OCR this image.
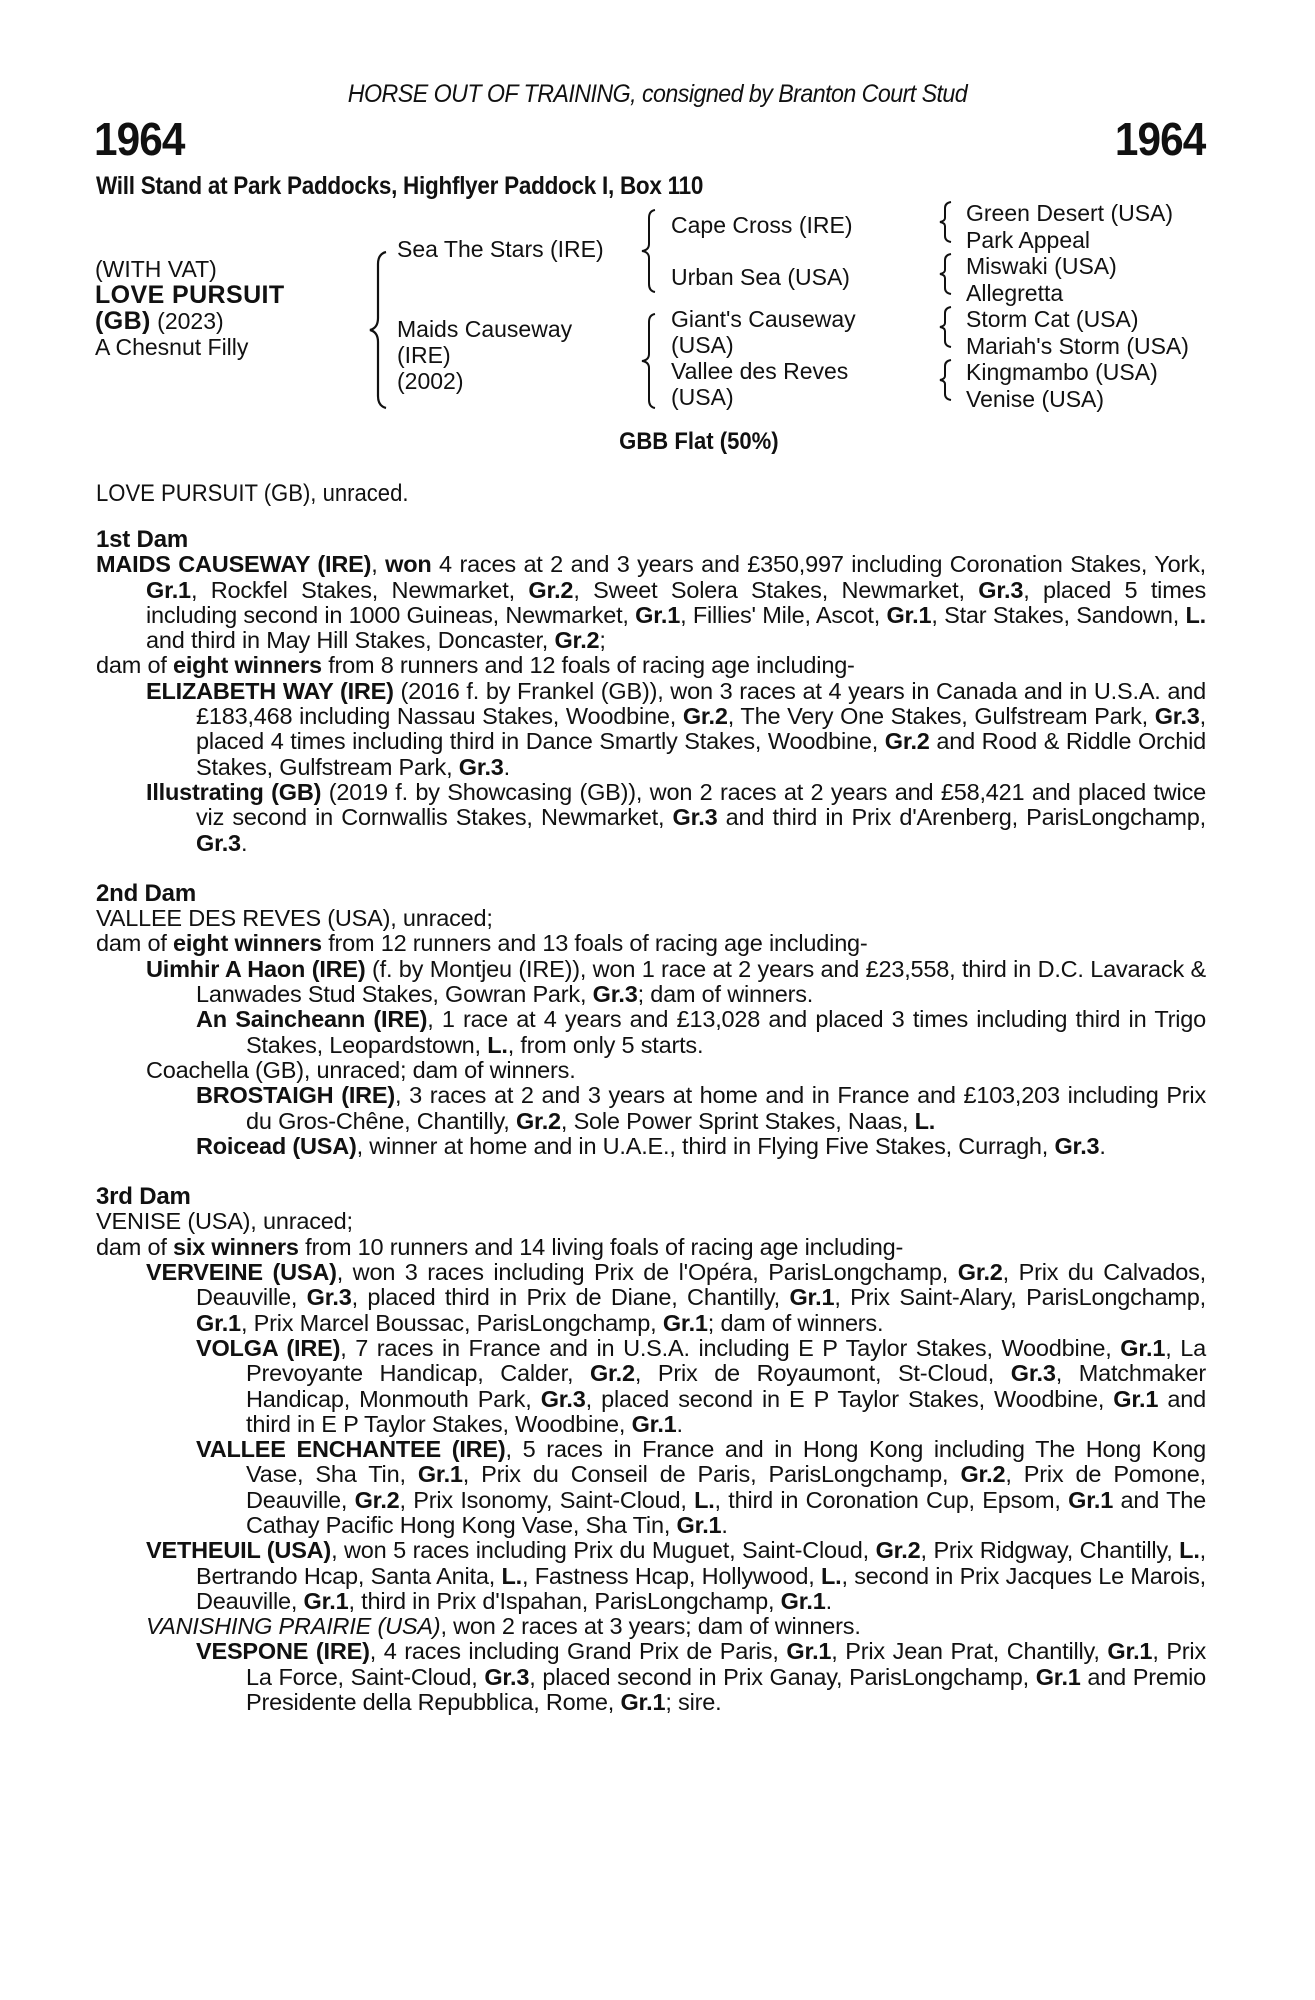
HORSE OUT OF TRAINING, consigned by Branton Court Stud
1964	1964
Will Stand at Park Paddocks, Highflyer Paddock I, Box 110
(WITH VAT)
LOVE PURSUIT
(GB) (2023)
A Chesnut Filly
Sea The Stars (IRE)
Maids Causeway
(IRE)
(2002)
Cape Cross (IRE)
Urban Sea (USA)
Giant's Causeway
(USA)
Vallee des Reves
(USA)
Green Desert (USA)
Park Appeal
Miswaki (USA)
Allegretta
Storm Cat (USA)
Mariah's Storm (USA)
Kingmambo (USA)
Venise (USA)
GBB Flat (50%)
LOVE PURSUIT (GB), unraced.
1st Dam
MAIDS CAUSEWAY (IRE), won 4 races at 2 and 3 years and £350,997 including Coronation Stakes, York, Gr.1, Rockfel Stakes, Newmarket, Gr.2, Sweet Solera Stakes, Newmarket, Gr.3, placed 5 times including second in 1000 Guineas, Newmarket, Gr.1, Fillies' Mile, Ascot, Gr.1, Star Stakes, Sandown, L. and third in May Hill Stakes, Doncaster, Gr.2;
dam of eight winners from 8 runners and 12 foals of racing age including-
ELIZABETH WAY (IRE) (2016 f. by Frankel (GB)), won 3 races at 4 years in Canada and in U.S.A. and £183,468 including Nassau Stakes, Woodbine, Gr.2, The Very One Stakes, Gulfstream Park, Gr.3, placed 4 times including third in Dance Smartly Stakes, Woodbine, Gr.2 and Rood & Riddle Orchid Stakes, Gulfstream Park, Gr.3.
Illustrating (GB) (2019 f. by Showcasing (GB)), won 2 races at 2 years and £58,421 and placed twice viz second in Cornwallis Stakes, Newmarket, Gr.3 and third in Prix d'Arenberg, ParisLongchamp, Gr.3.
2nd Dam
VALLEE DES REVES (USA), unraced;
dam of eight winners from 12 runners and 13 foals of racing age including-
Uimhir A Haon (IRE) (f. by Montjeu (IRE)), won 1 race at 2 years and £23,558, third in D.C. Lavarack & Lanwades Stud Stakes, Gowran Park, Gr.3; dam of winners.
An Saincheann (IRE), 1 race at 4 years and £13,028 and placed 3 times including third in Trigo Stakes, Leopardstown, L., from only 5 starts.
Coachella (GB), unraced; dam of winners.
BROSTAIGH (IRE), 3 races at 2 and 3 years at home and in France and £103,203 including Prix du Gros-Chêne, Chantilly, Gr.2, Sole Power Sprint Stakes, Naas, L.
Roicead (USA), winner at home and in U.A.E., third in Flying Five Stakes, Curragh, Gr.3.
3rd Dam
VENISE (USA), unraced;
dam of six winners from 10 runners and 14 living foals of racing age including-
VERVEINE (USA), won 3 races including Prix de l'Opéra, ParisLongchamp, Gr.2, Prix du Calvados, Deauville, Gr.3, placed third in Prix de Diane, Chantilly, Gr.1, Prix Saint-Alary, ParisLongchamp, Gr.1, Prix Marcel Boussac, ParisLongchamp, Gr.1; dam of winners.
VOLGA (IRE), 7 races in France and in U.S.A. including E P Taylor Stakes, Woodbine, Gr.1, La Prevoyante Handicap, Calder, Gr.2, Prix de Royaumont, St-Cloud, Gr.3, Matchmaker Handicap, Monmouth Park, Gr.3, placed second in E P Taylor Stakes, Woodbine, Gr.1 and third in E P Taylor Stakes, Woodbine, Gr.1.
VALLEE ENCHANTEE (IRE), 5 races in France and in Hong Kong including The Hong Kong Vase, Sha Tin, Gr.1, Prix du Conseil de Paris, ParisLongchamp, Gr.2, Prix de Pomone, Deauville, Gr.2, Prix Isonomy, Saint-Cloud, L., third in Coronation Cup, Epsom, Gr.1 and The Cathay Pacific Hong Kong Vase, Sha Tin, Gr.1.
VETHEUIL (USA), won 5 races including Prix du Muguet, Saint-Cloud, Gr.2, Prix Ridgway, Chantilly, L., Bertrando Hcap, Santa Anita, L., Fastness Hcap, Hollywood, L., second in Prix Jacques Le Marois, Deauville, Gr.1, third in Prix d'Ispahan, ParisLongchamp, Gr.1.
VANISHING PRAIRIE (USA), won 2 races at 3 years; dam of winners.
VESPONE (IRE), 4 races including Grand Prix de Paris, Gr.1, Prix Jean Prat, Chantilly, Gr.1, Prix La Force, Saint-Cloud, Gr.3, placed second in Prix Ganay, ParisLongchamp, Gr.1 and Premio Presidente della Repubblica, Rome, Gr.1; sire.
